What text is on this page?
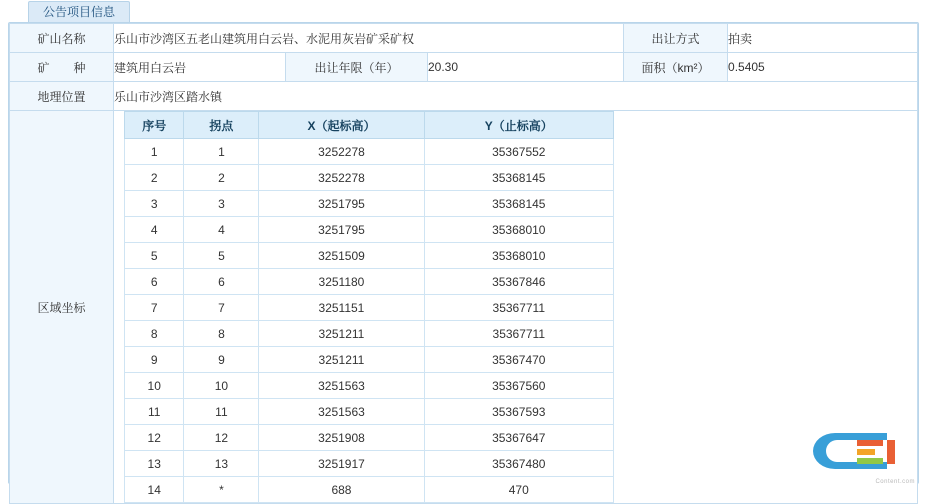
公告项目信息
矿山名称	乐山市沙湾区五老山建筑用白云岩、水泥用灰岩矿采矿权	出让方式	拍卖
矿　　种	建筑用白云岩	出让年限（年）	20.30	面积（km²）	0.5405
地理位置	乐山市沙湾区踏水镇
区域坐标	
序号	拐点	X（起标高）	Y（止标高）
1	1	3252278	35367552
2	2	3252278	35368145
3	3	3251795	35368145
4	4	3251795	35368010
5	5	3251509	35368010
6	6	3251180	35367846
7	7	3251151	35367711
8	8	3251211	35367711
9	9	3251211	35367470
10	10	3251563	35367560
11	11	3251563	35367593
12	12	3251908	35367647
13	13	3251917	35367480
14	*	688	470
Content.com
